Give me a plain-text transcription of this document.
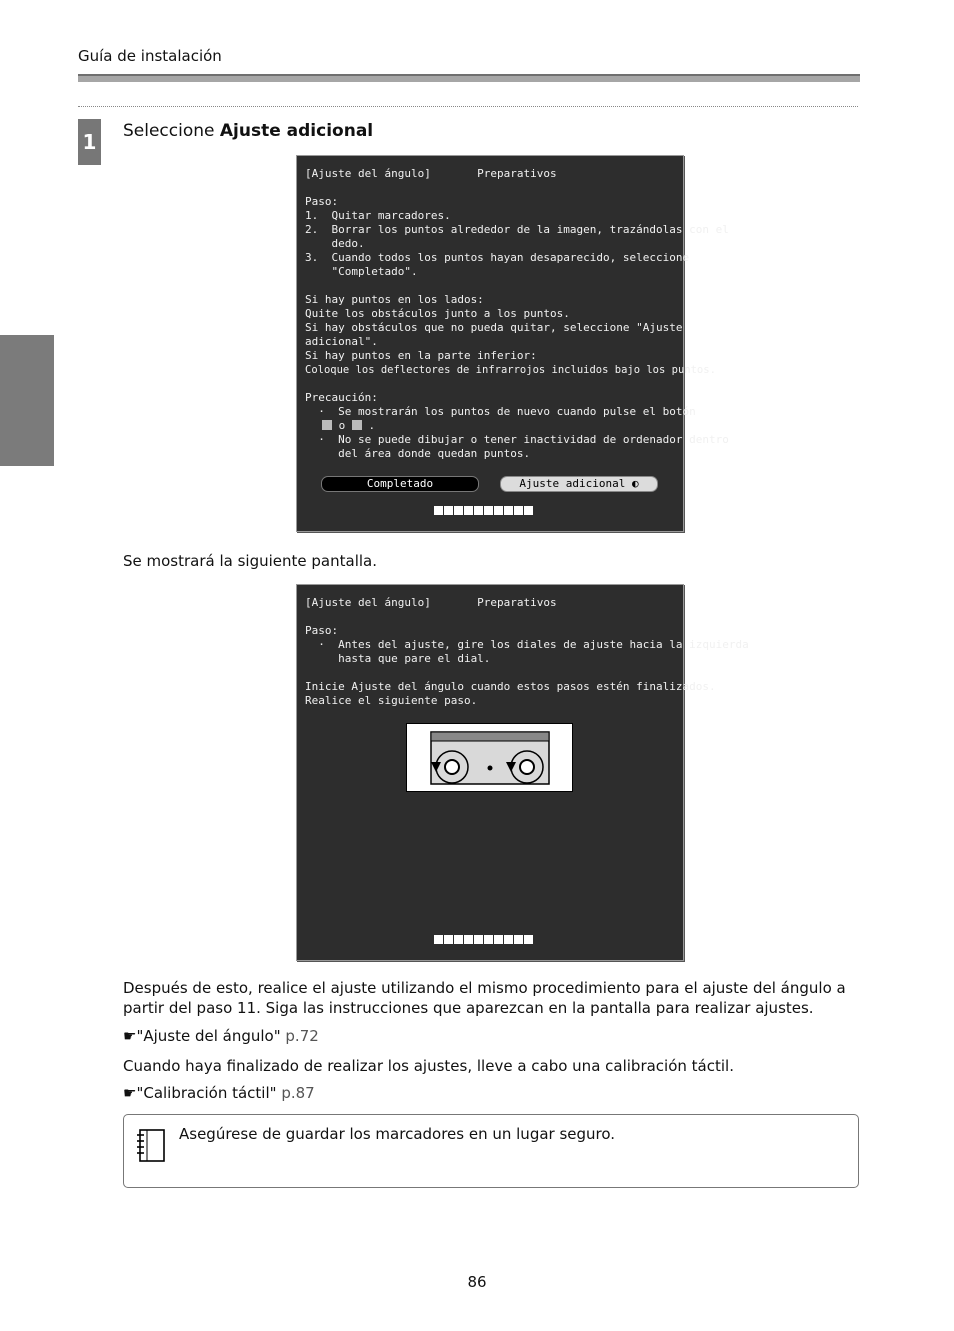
Guía de instalación
1 Seleccione Ajuste adicional
[Ajuste del ángulo]       Preparativos
Paso:
1.  Quitar marcadores.
2.  Borrar los puntos alrededor de la imagen, trazándolas con el
dedo.
3.  Cuando todos los puntos hayan desaparecido, seleccione
"Completado".
Si hay puntos en los lados:
Quite los obstáculos junto a los puntos.
Si hay obstáculos que no pueda quitar, seleccione "Ajuste
adicional".
Si hay puntos en la parte inferior:
Coloque los deflectores de infrarrojos incluidos bajo los puntos.
Precaución:
·  Se mostrarán los puntos de nuevo cuando pulse el botón
o .
·  No se puede dibujar o tener inactividad de ordenador dentro
del área donde quedan puntos.
Completado	Ajuste adicional ◐
Se mostrará la siguiente pantalla.
[Ajuste del ángulo]       Preparativos
Paso:
·  Antes del ajuste, gire los diales de ajuste hacia la izquierda
hasta que pare el dial.
Inicie Ajuste del ángulo cuando estos pasos estén finalizados.
Realice el siguiente paso.
Después de esto, realice el ajuste utilizando el mismo procedimiento para el ajuste del ángulo a partir del paso 11. Siga las instrucciones que aparezcan en la pantalla para realizar ajustes.
☛"Ajuste del ángulo" p.72
Cuando haya finalizado de realizar los ajustes, lleve a cabo una calibración táctil.
☛"Calibración táctil" p.87
Asegúrese de guardar los marcadores en un lugar seguro.
86
